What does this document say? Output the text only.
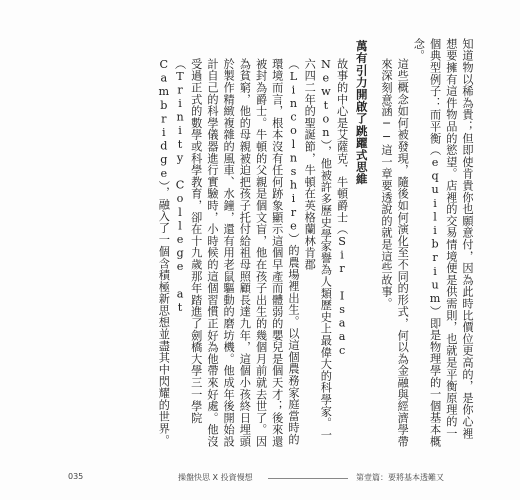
知道物以稀為貴；但即使肯貴你也願意付，因為此時比價位更高的，是你心裡想要擁有這件物品的慾望。店裡的交易情境便是供需則，也就是平衡原理的一個典型例子：而平衡（equilibrium）即是物理學的一個基本概念。

這些概念如何被發現，隨後如何演化至不同的形式，何以為金融與經濟學帶來深刻意涵──這一章要透說的就是這些故事。

萬有引力開啟了跳躍式思維

故事的中心是艾薩克．牛頓爵士（Sir Isaac Newton），他被許多歷史學家譽為人類歷史上最偉大的科學家。一六四二年的聖誕節，牛頓在英格蘭林肯郡（Lincolnshire）的農場裡出生。以這個農務家庭當時的環境而言，根本沒有任何跡象顯示這個早產而體弱的嬰兒是個天才；後來還被封為爵士。牛頓的父親是個文盲，他在孩子出生的幾個月前就去世了。因為貧窮，他的母親被迫把孩子托付給祖母照顧長達九年，這個小孩終日埋頭於製作精緻複雜的風車、水鐘，還有用老鼠驅動的磨坊機。他成年後開始設計自己的科學儀器進行實驗時，小時候的這個習慣正好為他帶來好處。他沒受過正式的數學或科學教育，卻在十九歲那年踏進了劍橋大學三一學院（Trinity College at Cambridge），融入了一個含積極新思想並盡其中閃耀的世界。

035	操盤快思 X 投資慢想	第壹篇：要將基本透難又
